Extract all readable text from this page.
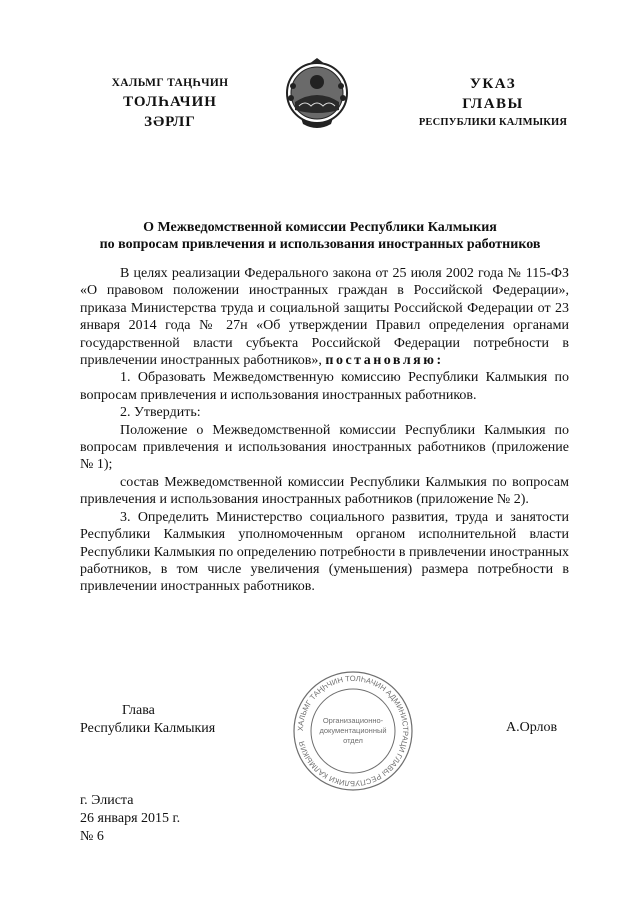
ХАЛЬМГ ТАҢҺЧИН
ТОЛҺАЧИН
ЗӘРЛГ
УКАЗ
ГЛАВЫ
РЕСПУБЛИКИ КАЛМЫКИЯ
О Межведомственной комиссии Республики Калмыкия
по вопросам привлечения и использования иностранных работников

В целях реализации Федерального закона от 25 июля 2002 года № 115-ФЗ «О правовом положении иностранных граждан в Российской Федерации», приказа Министерства труда и социальной защиты Российской Федерации от 23 января 2014 года № 27н «Об утверждении Правил определения органами государственной власти субъекта Российской Федерации потребности в привлечении иностранных работников», постановляю:

1. Образовать Межведомственную комиссию Республики Калмыкия по вопросам привлечения и использования иностранных работников.

2. Утвердить:

Положение о Межведомственной комиссии Республики Калмыкия по вопросам привлечения и использования иностранных работников (приложение № 1);

состав Межведомственной комиссии Республики Калмыкия по вопросам привлечения и использования иностранных работников (приложение № 2).

3. Определить Министерство социального развития, труда и занятости Республики Калмыкия уполномоченным органом исполнительной власти Республики Калмыкия по определению потребности в привлечении иностранных работников, в том числе увеличения (уменьшения) размера потребности в привлечении иностранных работников.

ХАЛЬМГ ТАҢҺЧИН ТОЛҺАЧИН АДМИНИСТРАЦИ ГЛАВЫ РЕСПУБЛИКИ КАЛМЫКИЯ
Организационно-
документационный
отдел
Глава
Республики Калмыкия	А.Орлов
г. Элиста
26 января 2015 г.
№ 6
